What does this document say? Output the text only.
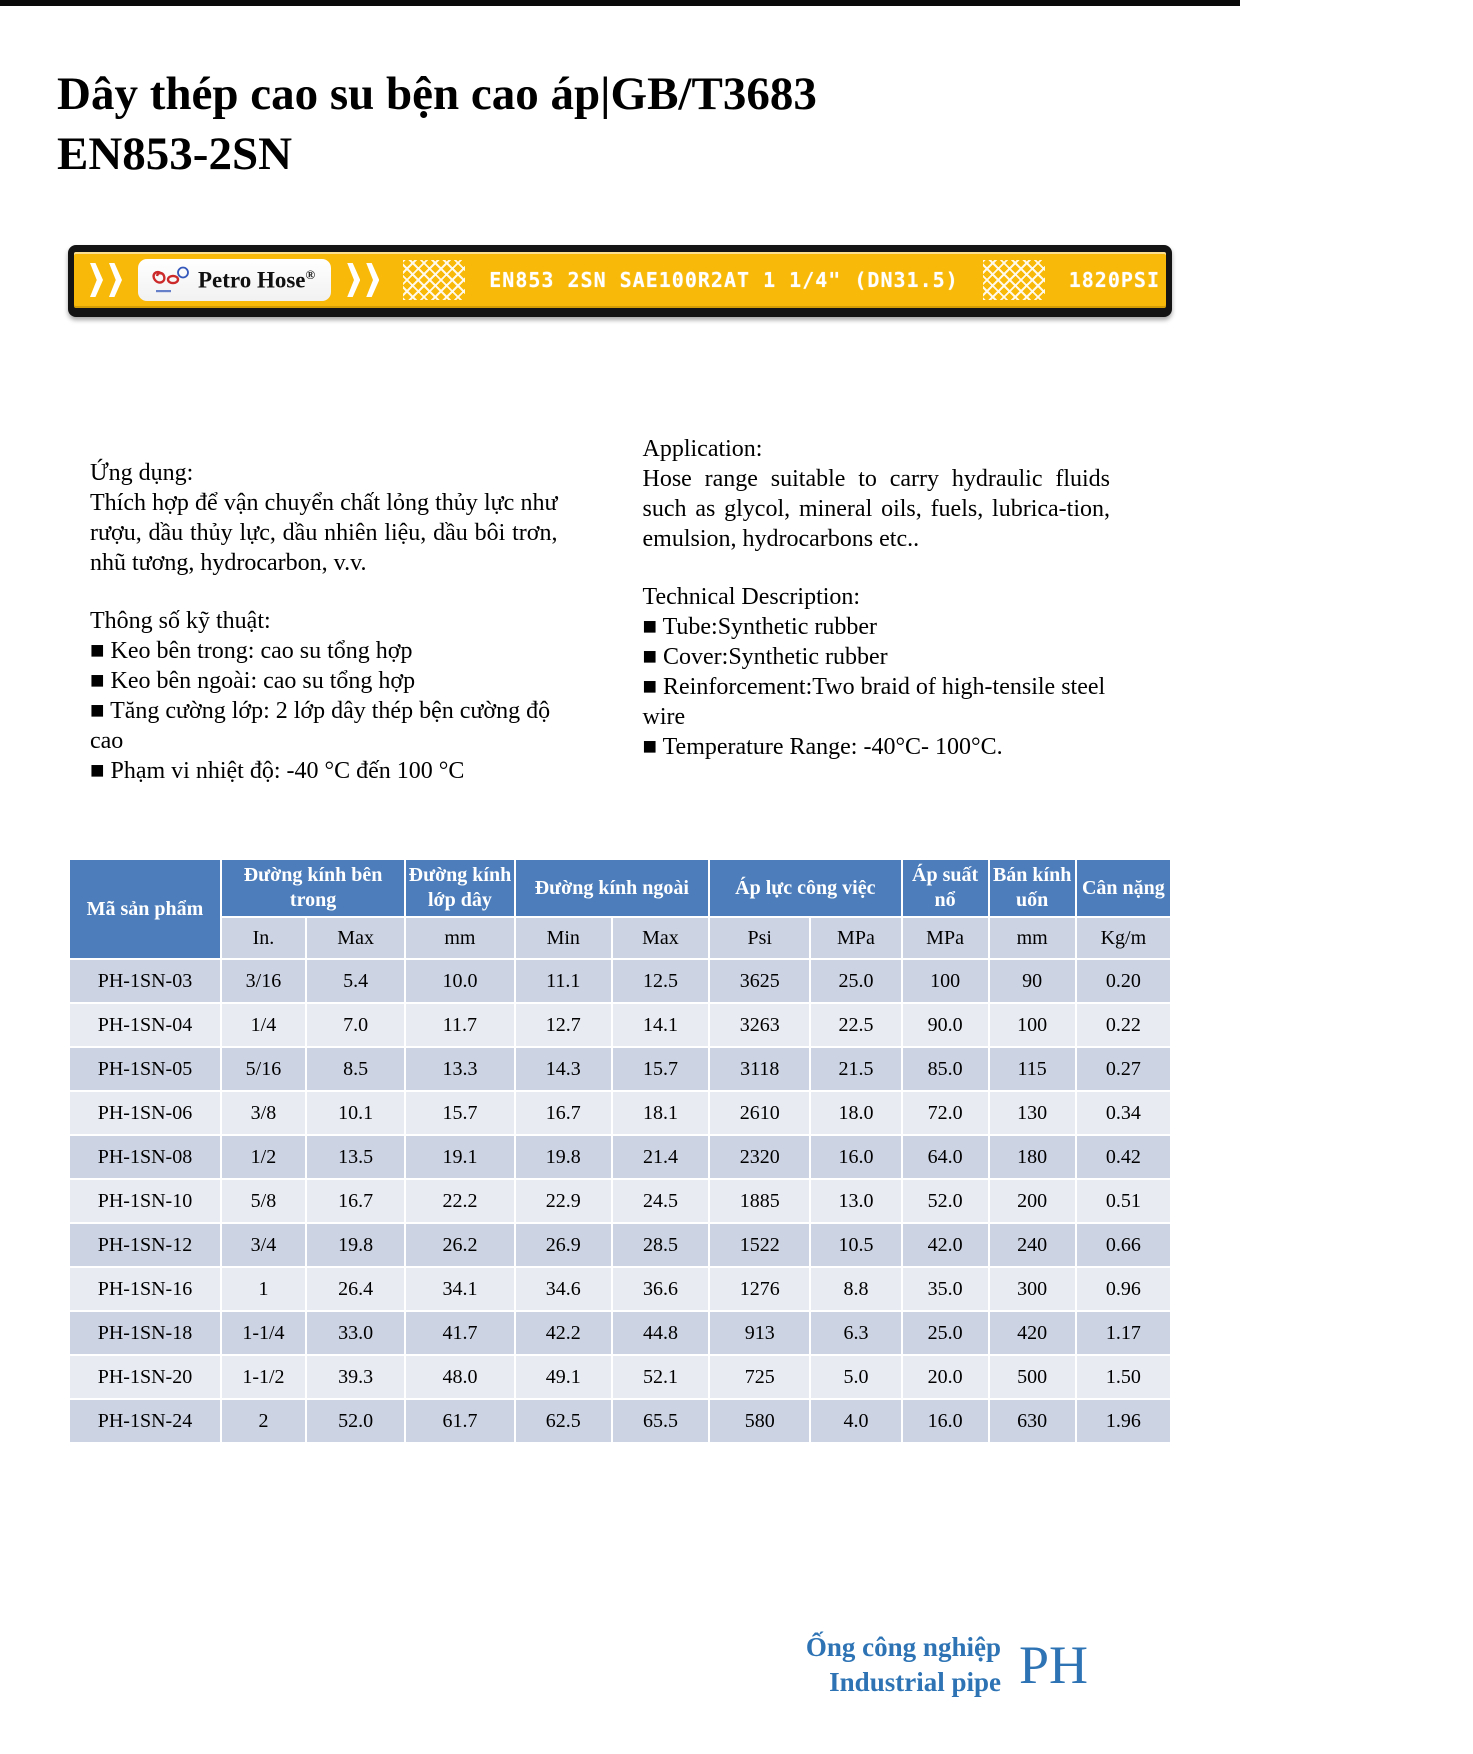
Dây thép cao su bện cao áp|GB/T3683
EN853-2SN
Petro Hose®	EN853 2SN SAE100R2AT 1 1/4" (DN31.5)	1820PSI	MA
12.5MPa
125Bar
FLAME RESISTANT
MSHA 2G-1C-14C/44
Ứng dụng:
Thích hợp để vận chuyển chất lỏng thủy lực như rượu, dầu thủy lực, dầu nhiên liệu, dầu bôi trơn, nhũ tương, hydrocarbon, v.v.
Thông số kỹ thuật:
■ Keo bên trong: cao su tổng hợp
■ Keo bên ngoài: cao su tổng hợp
■ Tăng cường lớp: 2 lớp dây thép bện cường độ cao
■ Phạm vi nhiệt độ: -40 °C đến 100 °C
Application:
Hose range suitable to carry hydraulic fluids such as glycol, mineral oils, fuels, lubrica-tion, emulsion, hydrocarbons etc..
Technical Description:
■ Tube:Synthetic rubber
■ Cover:Synthetic rubber
■ Reinforcement:Two braid of high-tensile steel wire
■ Temperature Range: -40°C- 100°C.
Mã sản phẩm	Đường kính bên trong		Đường kính lớp dây	Đường kính ngoài		Áp lực công việc		Áp suất nổ	Bán kính uốn	Cân nặng
	In.	Max	mm	Min	Max	Psi	MPa	MPa	mm	Kg/m
PH-1SN-03	3/16	5.4	10.0	11.1	12.5	3625	25.0	100	90	0.20
PH-1SN-04	1/4	7.0	11.7	12.7	14.1	3263	22.5	90.0	100	0.22
PH-1SN-05	5/16	8.5	13.3	14.3	15.7	3118	21.5	85.0	115	0.27
PH-1SN-06	3/8	10.1	15.7	16.7	18.1	2610	18.0	72.0	130	0.34
PH-1SN-08	1/2	13.5	19.1	19.8	21.4	2320	16.0	64.0	180	0.42
PH-1SN-10	5/8	16.7	22.2	22.9	24.5	1885	13.0	52.0	200	0.51
PH-1SN-12	3/4	19.8	26.2	26.9	28.5	1522	10.5	42.0	240	0.66
PH-1SN-16	1	26.4	34.1	34.6	36.6	1276	8.8	35.0	300	0.96
PH-1SN-18	1-1/4	33.0	41.7	42.2	44.8	913	6.3	25.0	420	1.17
PH-1SN-20	1-1/2	39.3	48.0	49.1	52.1	725	5.0	20.0	500	1.50
PH-1SN-24	2	52.0	61.7	62.5	65.5	580	4.0	16.0	630	1.96
Ống công nghiệp
Industrial pipe PH
